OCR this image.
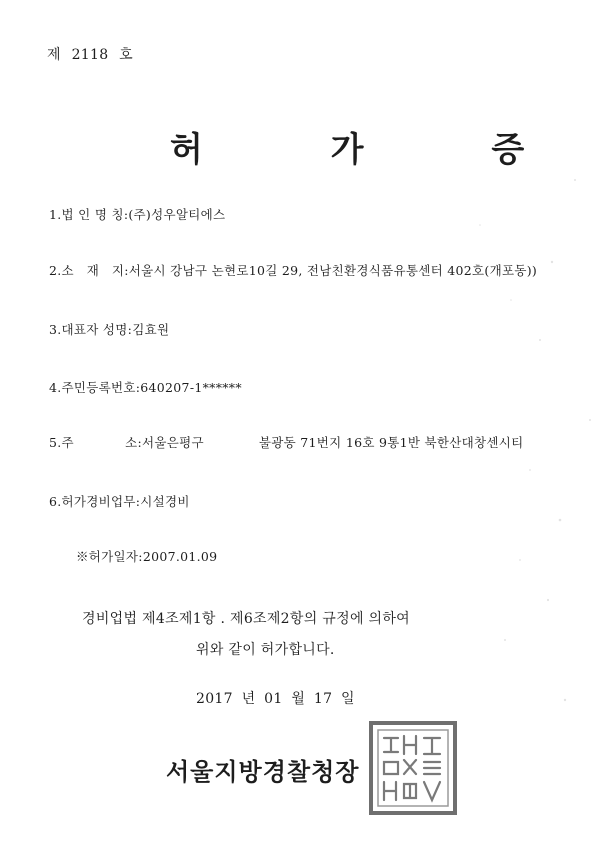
제 2118 호
허 가 증
1.법 인 명 칭:(주)성우알티에스
2.소　재　지:서울시 강남구 논현로10길 29, 전남친환경식품유통센터 402호(개포동))
3.대표자 성명:김효원
4.주민등록번호:640207-1******
5.주　　　　소:서울은평구	불광동 71번지 16호 9통1반 북한산대창센시티
6.허가경비업무:시설경비
※허가일자:2007.01.09
경비업법 제4조제1항 . 제6조제2항의 규정에 의하여
위와 같이 허가합니다.
2017 년 01 월 17 일
서울지방경찰청장
